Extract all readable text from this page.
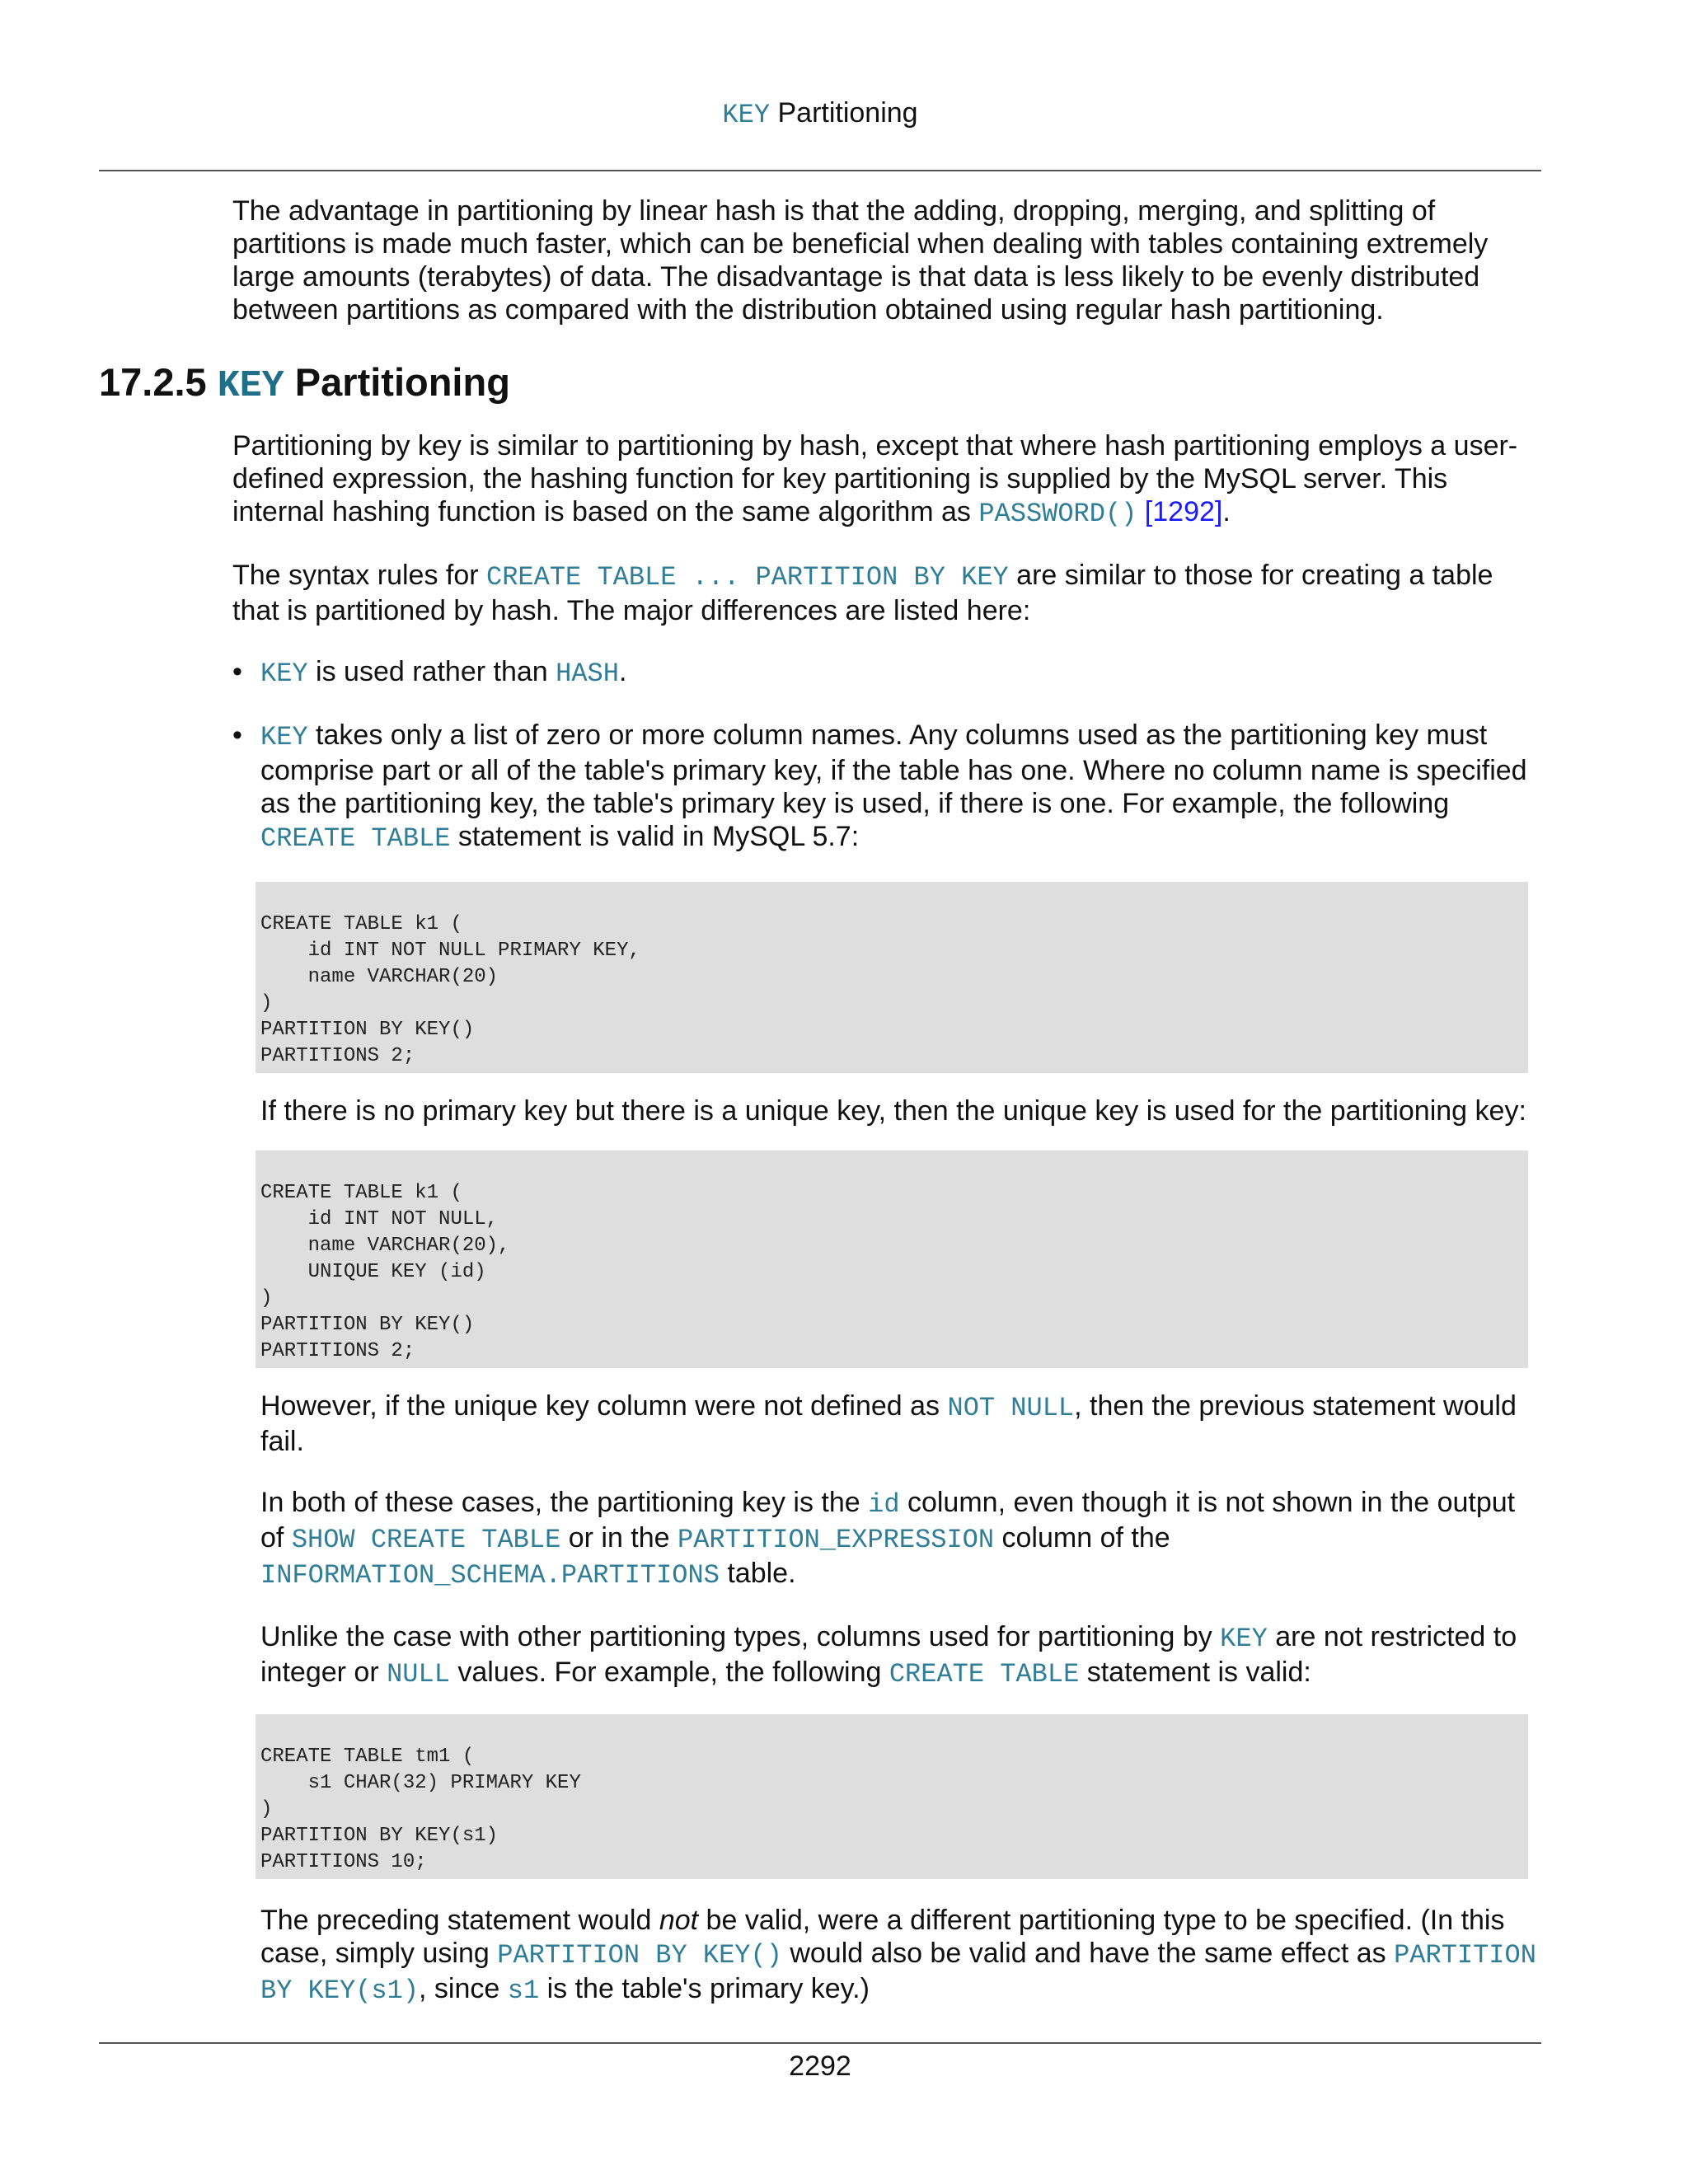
KEY Partitioning

The advantage in partitioning by linear hash is that the adding, dropping, merging, and splitting of partitions is made much faster, which can be beneficial when dealing with tables containing extremely large amounts (terabytes) of data. The disadvantage is that data is less likely to be evenly distributed between partitions as compared with the distribution obtained using regular hash partitioning.

17.2.5 KEY Partitioning

Partitioning by key is similar to partitioning by hash, except that where hash partitioning employs a user-defined expression, the hashing function for key partitioning is supplied by the MySQL server. This internal hashing function is based on the same algorithm as PASSWORD() [1292].

The syntax rules for CREATE TABLE ... PARTITION BY KEY are similar to those for creating a table that is partitioned by hash. The major differences are listed here:

• KEY is used rather than HASH.
• KEY takes only a list of zero or more column names. Any columns used as the partitioning key must comprise part or all of the table's primary key, if the table has one. Where no column name is specified as the partitioning key, the table's primary key is used, if there is one. For example, the following CREATE TABLE statement is valid in MySQL 5.7:
CREATE TABLE k1 (
id INT NOT NULL PRIMARY KEY,
name VARCHAR(20)
)
PARTITION BY KEY()
PARTITIONS 2;

If there is no primary key but there is a unique key, then the unique key is used for the partitioning key:

CREATE TABLE k1 (
id INT NOT NULL,
name VARCHAR(20),
UNIQUE KEY (id)
)
PARTITION BY KEY()
PARTITIONS 2;

However, if the unique key column were not defined as NOT NULL, then the previous statement would fail.

In both of these cases, the partitioning key is the id column, even though it is not shown in the output of SHOW CREATE TABLE or in the PARTITION_EXPRESSION column of the INFORMATION_SCHEMA.PARTITIONS table.

Unlike the case with other partitioning types, columns used for partitioning by KEY are not restricted to integer or NULL values. For example, the following CREATE TABLE statement is valid:

CREATE TABLE tm1 (
s1 CHAR(32) PRIMARY KEY
)
PARTITION BY KEY(s1)
PARTITIONS 10;

The preceding statement would not be valid, were a different partitioning type to be specified. (In this case, simply using PARTITION BY KEY() would also be valid and have the same effect as PARTITION BY KEY(s1), since s1 is the table's primary key.)

2292
